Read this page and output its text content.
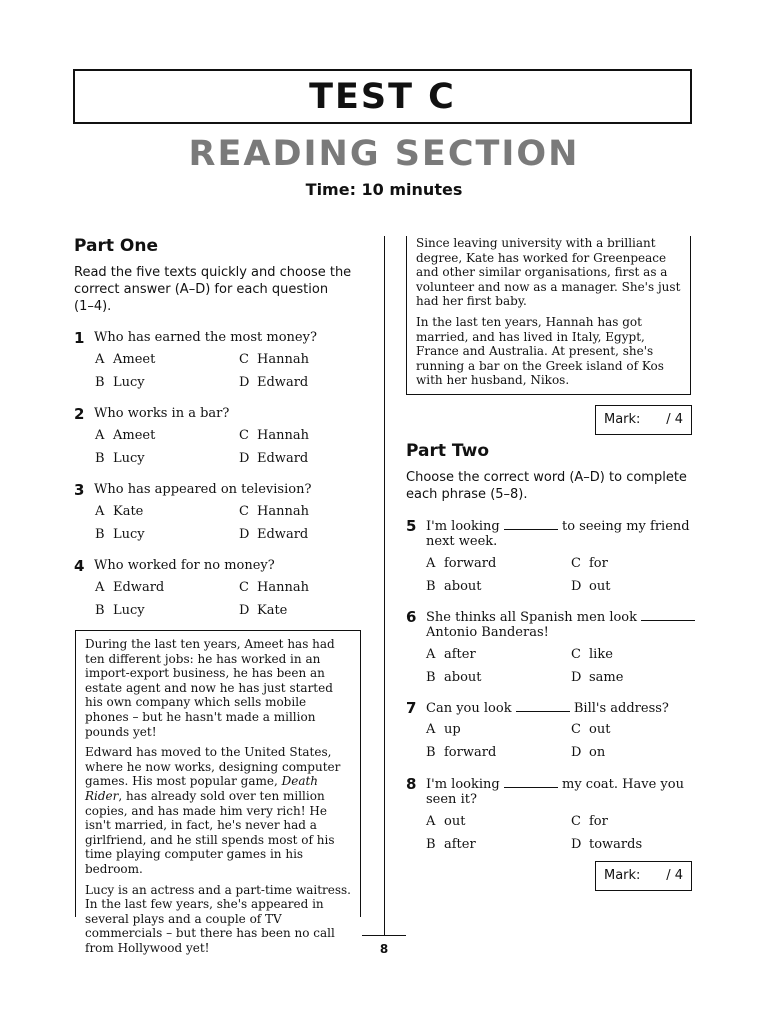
TEST C
READING SECTION
Time: 10 minutes
Part One
Read the five texts quickly and choose the
correct answer (A–D) for each question
(1–4).
1 Who has earned the most money?
A Ameet	C Hannah
B Lucy	D Edward
2 Who works in a bar?
A Ameet	C Hannah
B Lucy	D Edward
3 Who has appeared on television?
A Kate	C Hannah
B Lucy	D Edward
4 Who worked for no money?
A Edward	C Hannah
B Lucy	D Kate

During the last ten years, Ameet has had ten different jobs: he has worked in an import-export business, he has been an estate agent and now he has just started his own company which sells mobile phones – but he hasn't made a million pounds yet!

Edward has moved to the United States, where he now works, designing computer games. His most popular game, Death Rider, has already sold over ten million copies, and has made him very rich! He isn't married, in fact, he's never had a girlfriend, and he still spends most of his time playing computer games in his bedroom.

Lucy is an actress and a part-time waitress. In the last few years, she's appeared in several plays and a couple of TV commercials – but there has been no call from Hollywood yet!

Since leaving university with a brilliant degree, Kate has worked for Greenpeace and other similar organisations, first as a volunteer and now as a manager. She's just had her first baby.

In the last ten years, Hannah has got married, and has lived in Italy, Egypt, France and Australia. At present, she's running a bar on the Greek island of Kos with her husband, Nikos.

Mark: / 4
Part Two
Choose the correct word (A–D) to complete
each phrase (5–8).
5 I'm looking	to seeing my friend
next week.
A forward	C for
B about	D out
6 She thinks all Spanish men look
Antonio Banderas!
A after	C like
B about	D same
7 Can you look	Bill's address?
A up	C out
B forward	D on
8 I'm looking	my coat. Have you
seen it?
A out	C for
B after	D towards
Mark: / 4
8
